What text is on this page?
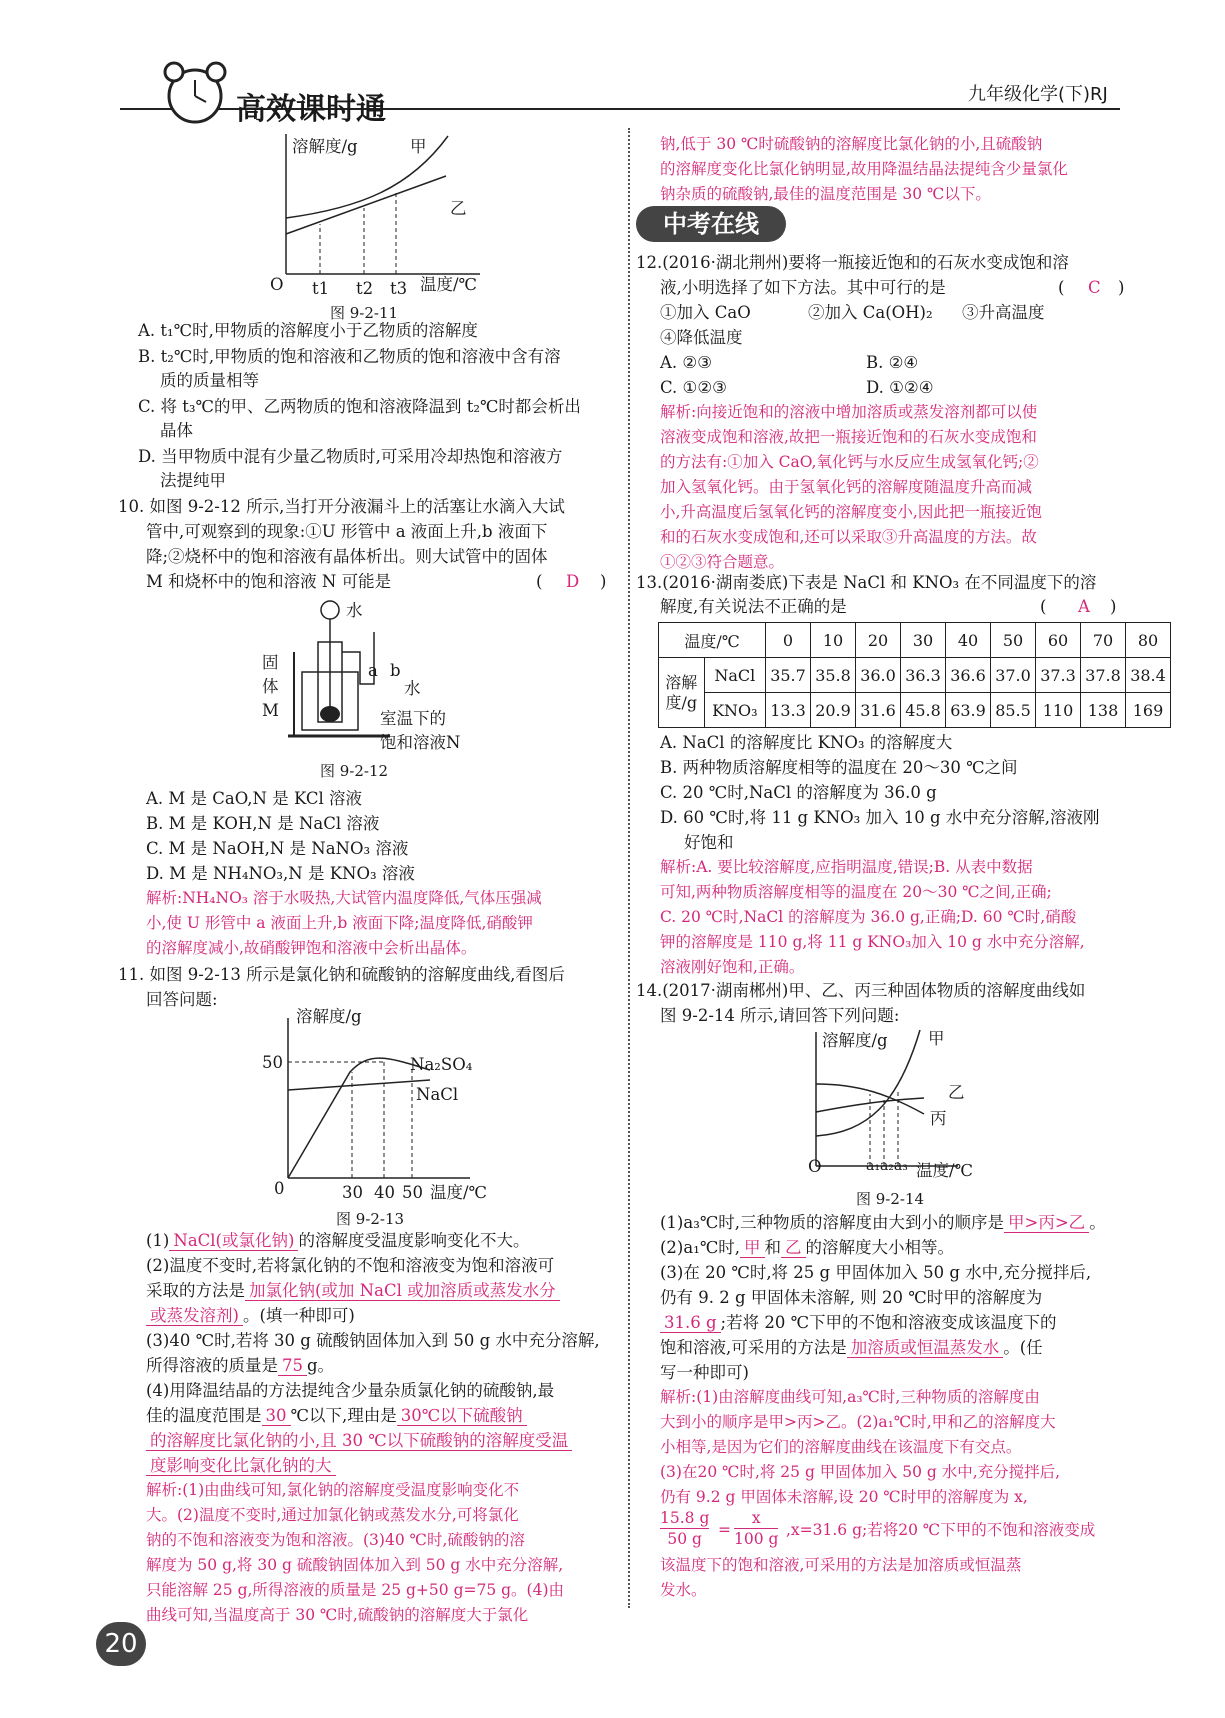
高效课时通	九年级化学(下)RJ
溶解度/g	甲
乙
O t1 t2 t3 温度/℃
图 9-2-11
A. t₁℃时,甲物质的溶解度小于乙物质的溶解度
B. t₂℃时,甲物质的饱和溶液和乙物质的饱和溶液中含有溶
质的质量相等
C. 将 t₃℃的甲、乙两物质的饱和溶液降温到 t₂℃时都会析出
晶体
D. 当甲物质中混有少量乙物质时,可采用冷却热饱和溶液方
法提纯甲
10. 如图 9-2-12 所示,当打开分液漏斗上的活塞让水滴入大试
管中,可观察到的现象:①U 形管中 a 液面上升,b 液面下
降;②烧杯中的饱和溶液有晶体析出。则大试管中的固体
M 和烧杯中的饱和溶液 N 可能是	( D )
水
固
体
M
a b
水
室温下的
饱和溶液N
图 9-2-12
A. M 是 CaO,N 是 KCl 溶液
B. M 是 KOH,N 是 NaCl 溶液
C. M 是 NaOH,N 是 NaNO₃ 溶液
D. M 是 NH₄NO₃,N 是 KNO₃ 溶液
解析:NH₄NO₃ 溶于水吸热,大试管内温度降低,气体压强减
小,使 U 形管中 a 液面上升,b 液面下降;温度降低,硝酸钾
的溶解度减小,故硝酸钾饱和溶液中会析出晶体。
11. 如图 9-2-13 所示是氯化钠和硫酸钠的溶解度曲线,看图后
回答问题:
溶解度/g
50
0	30 40 50 温度/℃
Na₂SO₄
NaCl
图 9-2-13
(1) NaCl(或氯化钠) 的溶解度受温度影响变化不大。
(2)温度不变时,若将氯化钠的不饱和溶液变为饱和溶液可
采取的方法是 加氯化钠(或加 NaCl 或加溶质或蒸发水分
或蒸发溶剂) 。(填一种即可)
(3)40 ℃时,若将 30 g 硫酸钠固体加入到 50 g 水中充分溶解,
所得溶液的质量是 75 g。
(4)用降温结晶的方法提纯含少量杂质氯化钠的硫酸钠,最
佳的温度范围是 30 ℃以下,理由是 30℃以下硫酸钠
的溶解度比氯化钠的小,且 30 ℃以下硫酸钠的溶解度受温
度影响变化比氯化钠的大
解析:(1)由曲线可知,氯化钠的溶解度受温度影响变化不
大。(2)温度不变时,通过加氯化钠或蒸发水分,可将氯化
钠的不饱和溶液变为饱和溶液。(3)40 ℃时,硫酸钠的溶
解度为 50 g,将 30 g 硫酸钠固体加入到 50 g 水中充分溶解,
只能溶解 25 g,所得溶液的质量是 25 g+50 g=75 g。(4)由
曲线可知,当温度高于 30 ℃时,硫酸钠的溶解度大于氯化
钠,低于 30 ℃时硫酸钠的溶解度比氯化钠的小,且硫酸钠
的溶解度变化比氯化钠明显,故用降温结晶法提纯含少量氯化
钠杂质的硫酸钠,最佳的温度范围是 30 ℃以下。
中考在线
12.(2016·湖北荆州)要将一瓶接近饱和的石灰水变成饱和溶
液,小明选择了如下方法。其中可行的是	( C )
①加入 CaO	②加入 Ca(OH)₂ ③升高温度
④降低温度
A. ②③	B. ②④
C. ①②③	D. ①②④
解析:向接近饱和的溶液中增加溶质或蒸发溶剂都可以使
溶液变成饱和溶液,故把一瓶接近饱和的石灰水变成饱和
的方法有:①加入 CaO,氧化钙与水反应生成氢氧化钙;②
加入氢氧化钙。由于氢氧化钙的溶解度随温度升高而减
小,升高温度后氢氧化钙的溶解度变小,因此把一瓶接近饱
和的石灰水变成饱和,还可以采取③升高温度的方法。故
①②③符合题意。
13.(2016·湖南娄底)下表是 NaCl 和 KNO₃ 在不同温度下的溶
解度,有关说法不正确的是	( A )
温度/℃		0	10	20	30	40	50	60	70	80
溶解
度/g	NaCl	35.7	35.8	36.0	36.3	36.6	37.0	37.3	37.8	38.4
	KNO₃	13.3	20.9	31.6	45.8	63.9	85.5	110	138	169
A. NaCl 的溶解度比 KNO₃ 的溶解度大
B. 两种物质溶解度相等的温度在 20～30 ℃之间
C. 20 ℃时,NaCl 的溶解度为 36.0 g
D. 60 ℃时,将 11 g KNO₃ 加入 10 g 水中充分溶解,溶液刚
好饱和
解析:A. 要比较溶解度,应指明温度,错误;B. 从表中数据
可知,两种物质溶解度相等的温度在 20～30 ℃之间,正确;
C. 20 ℃时,NaCl 的溶解度为 36.0 g,正确;D. 60 ℃时,硝酸
钾的溶解度是 110 g,将 11 g KNO₃加入 10 g 水中充分溶解,
溶液刚好饱和,正确。
14.(2017·湖南郴州)甲、乙、丙三种固体物质的溶解度曲线如
图 9-2-14 所示,请回答下列问题:
溶解度/g 甲
乙
丙
O	a₁a₂a₃ 温度/℃
图 9-2-14
(1)a₃℃时,三种物质的溶解度由大到小的顺序是 甲>丙>乙 。
(2)a₁℃时, 甲 和 乙 的溶解度大小相等。
(3)在 20 ℃时,将 25 g 甲固体加入 50 g 水中,充分搅拌后,
仍有 9. 2 g 甲固体未溶解, 则 20 ℃时甲的溶解度为
31.6 g ;若将 20 ℃下甲的不饱和溶液变成该温度下的
饱和溶液,可采用的方法是 加溶质或恒温蒸发水 。(任
写一种即可)
解析:(1)由溶解度曲线可知,a₃℃时,三种物质的溶解度由
大到小的顺序是甲>丙>乙。(2)a₁℃时,甲和乙的溶解度大
小相等,是因为它们的溶解度曲线在该温度下有交点。
(3)在20 ℃时,将 25 g 甲固体加入 50 g 水中,充分搅拌后,
仍有 9.2 g 甲固体未溶解,设 20 ℃时甲的溶解度为 x,
15.8 g
50 g	=
x
100 g ,x=31.6 g;若将20 ℃下甲的不饱和溶液变成
该温度下的饱和溶液,可采用的方法是加溶质或恒温蒸
发水。
20
